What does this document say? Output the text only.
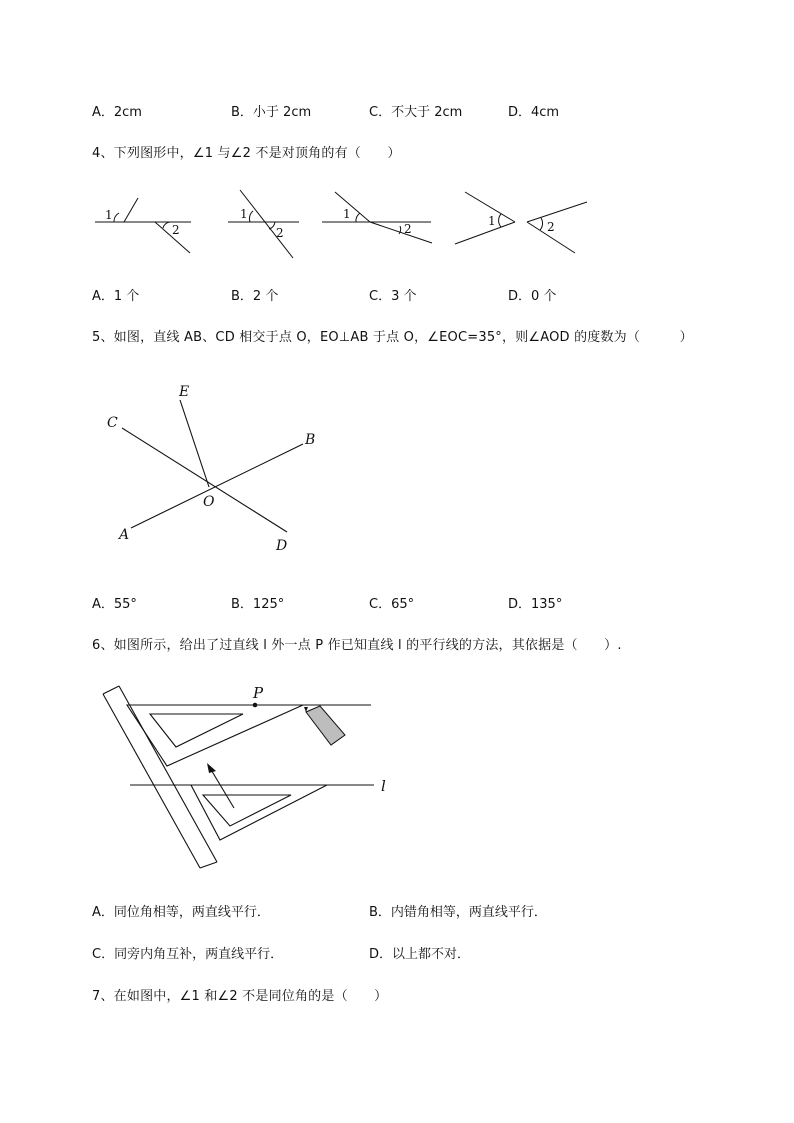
A．2cm	B．小于 2cm	C．不大于 2cm	D．4cm
4、下列图形中，∠1 与∠2 不是对顶角的有（　　）
1
2
1
2
1
2
1	2
A．1 个	B．2 个	C．3 个	D．0 个
5、如图，直线 AB、CD 相交于点 O，EO⊥AB 于点 O，∠EOC=35°，则∠AOD 的度数为（　　　）
E
C
B
O
A
D
A．55°	B．125°	C．65°	D．135°
6、如图所示，给出了过直线 l 外一点 P 作已知直线 l 的平行线的方法，其依据是（　　）.
P
l
A．同位角相等，两直线平行．	B．内错角相等，两直线平行．
C．同旁内角互补，两直线平行．	D．以上都不对．
7、在如图中，∠1 和∠2 不是同位角的是（　　）
